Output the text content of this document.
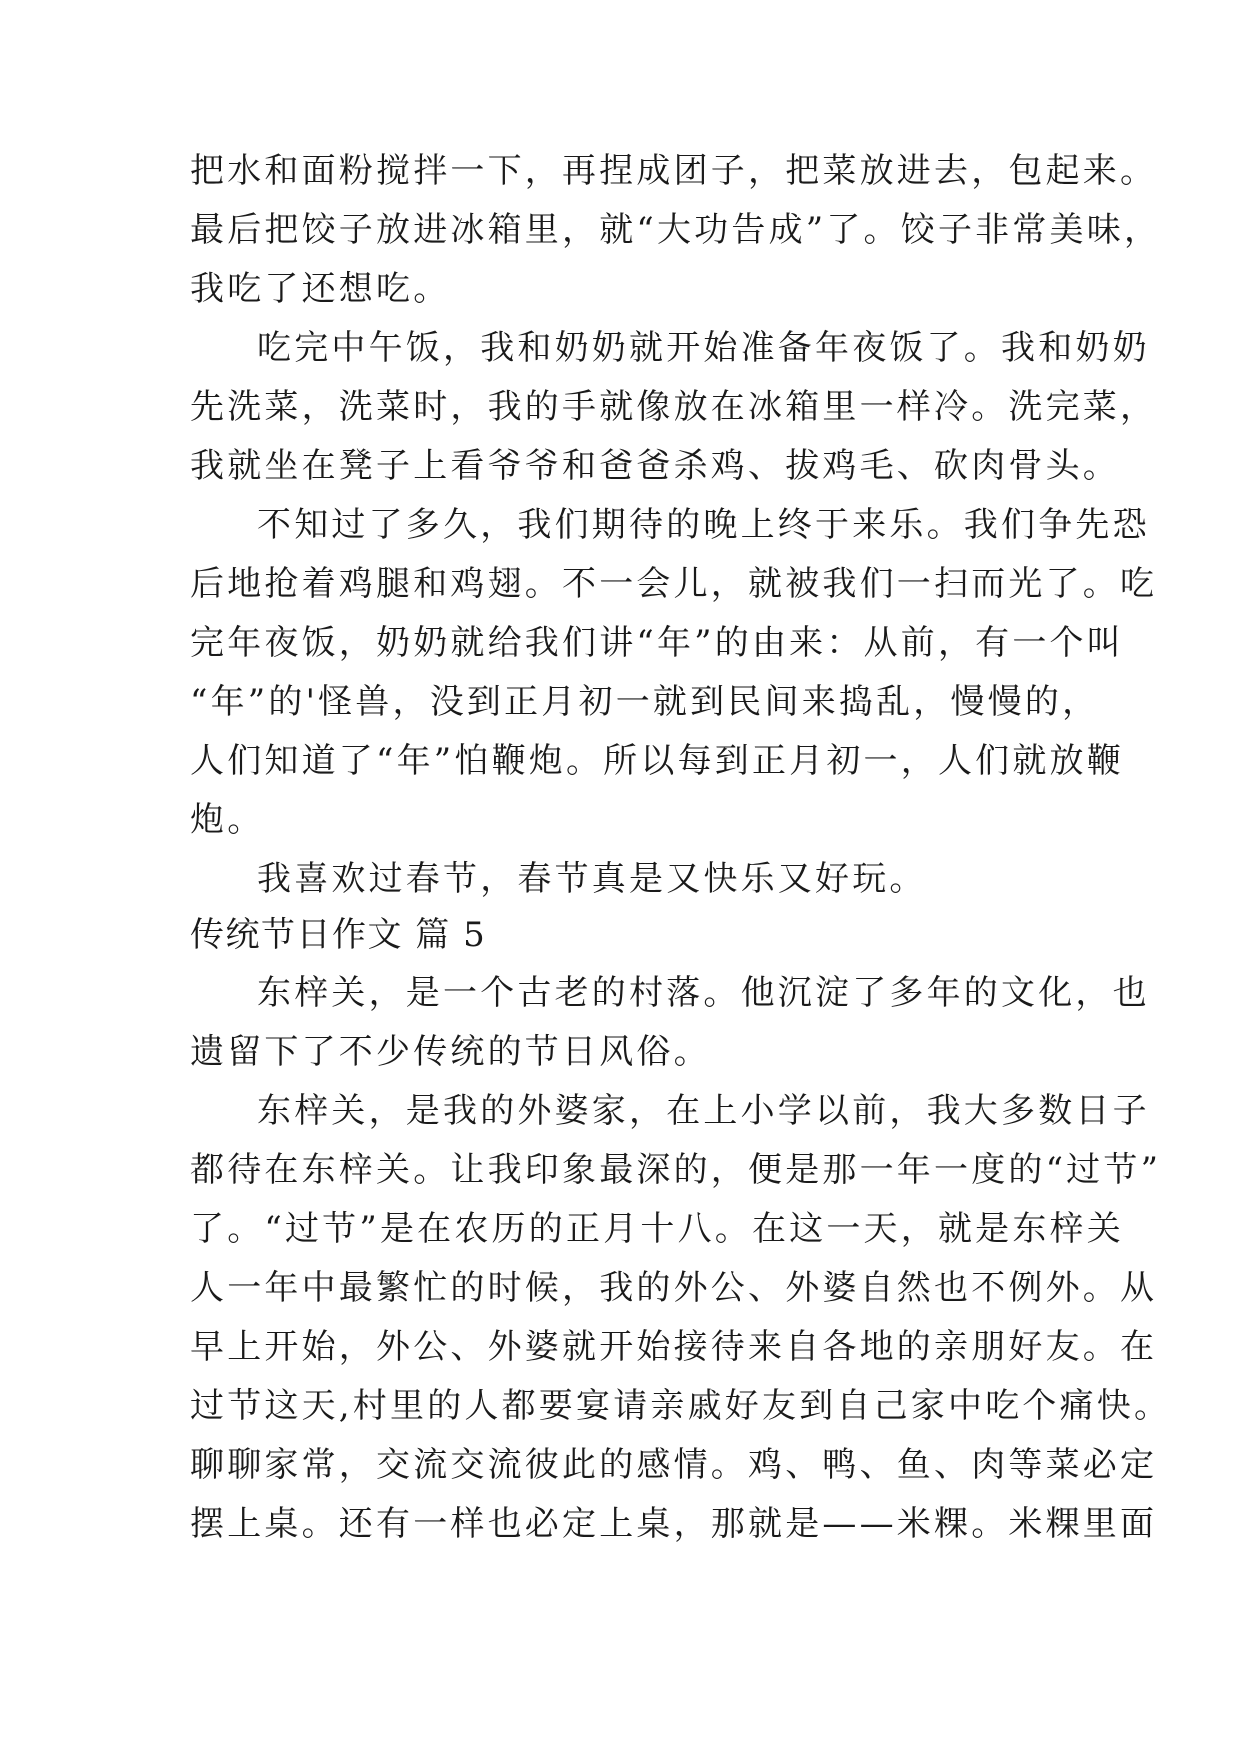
把水和面粉搅拌一下，再捏成团子，把菜放进去，包起来。
最后把饺子放进冰箱里，就“大功告成”了。饺子非常美味，
我吃了还想吃。
吃完中午饭，我和奶奶就开始准备年夜饭了。我和奶奶
先洗菜，洗菜时，我的手就像放在冰箱里一样冷。洗完菜，
我就坐在凳子上看爷爷和爸爸杀鸡、拔鸡毛、砍肉骨头。
不知过了多久，我们期待的晚上终于来乐。我们争先恐
后地抢着鸡腿和鸡翅。不一会儿，就被我们一扫而光了。吃
完年夜饭，奶奶就给我们讲“年”的由来：从前，有一个叫
“年”的'怪兽，没到正月初一就到民间来捣乱，慢慢的，
人们知道了“年”怕鞭炮。所以每到正月初一，人们就放鞭
炮。
我喜欢过春节，春节真是又快乐又好玩。
传统节日作文 篇 5
东梓关，是一个古老的村落。他沉淀了多年的文化，也
遗留下了不少传统的节日风俗。
东梓关，是我的外婆家，在上小学以前，我大多数日子
都待在东梓关。让我印象最深的，便是那一年一度的“过节”
了。“过节”是在农历的正月十八。在这一天，就是东梓关
人一年中最繁忙的时候，我的外公、外婆自然也不例外。从
早上开始，外公、外婆就开始接待来自各地的亲朋好友。在
过节这天,村里的人都要宴请亲戚好友到自己家中吃个痛快。
聊聊家常，交流交流彼此的感情。鸡、鸭、鱼、肉等菜必定
摆上桌。还有一样也必定上桌，那就是——米粿。米粿里面
